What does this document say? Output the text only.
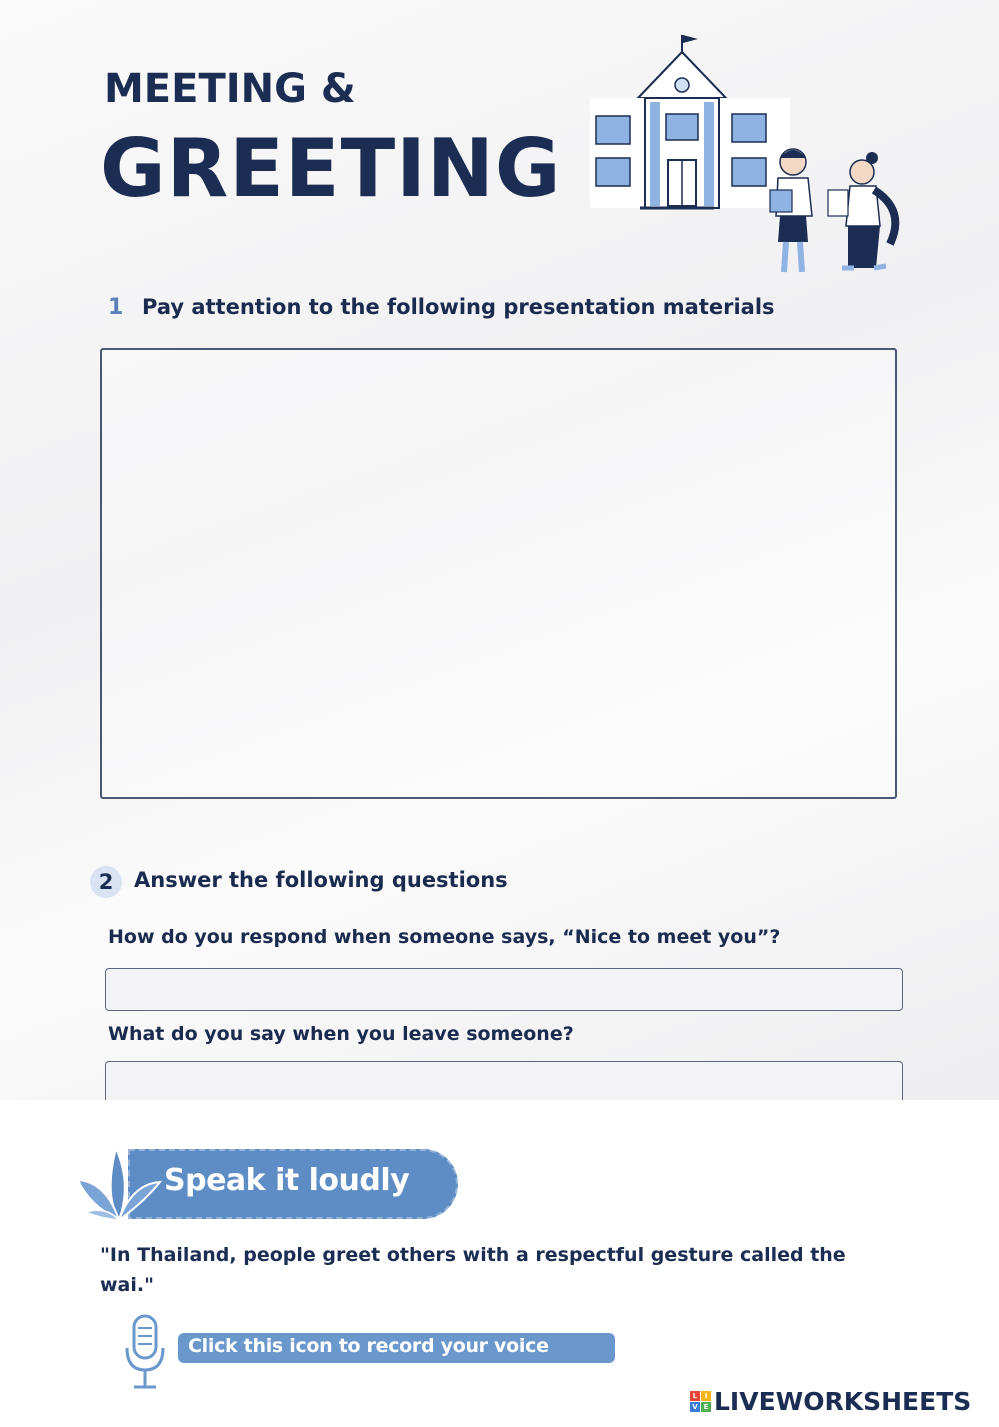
MEETING &
GREETING
1 Pay attention to the following presentation materials
2 Answer the following questions
How do you respond when someone says, “Nice to meet you”?
What do you say when you leave someone?
Speak it loudly
"In Thailand, people greet others with a respectful gesture called the wai."
Click this icon to record your voice
L	I
V E LIVEWORKSHEETS
